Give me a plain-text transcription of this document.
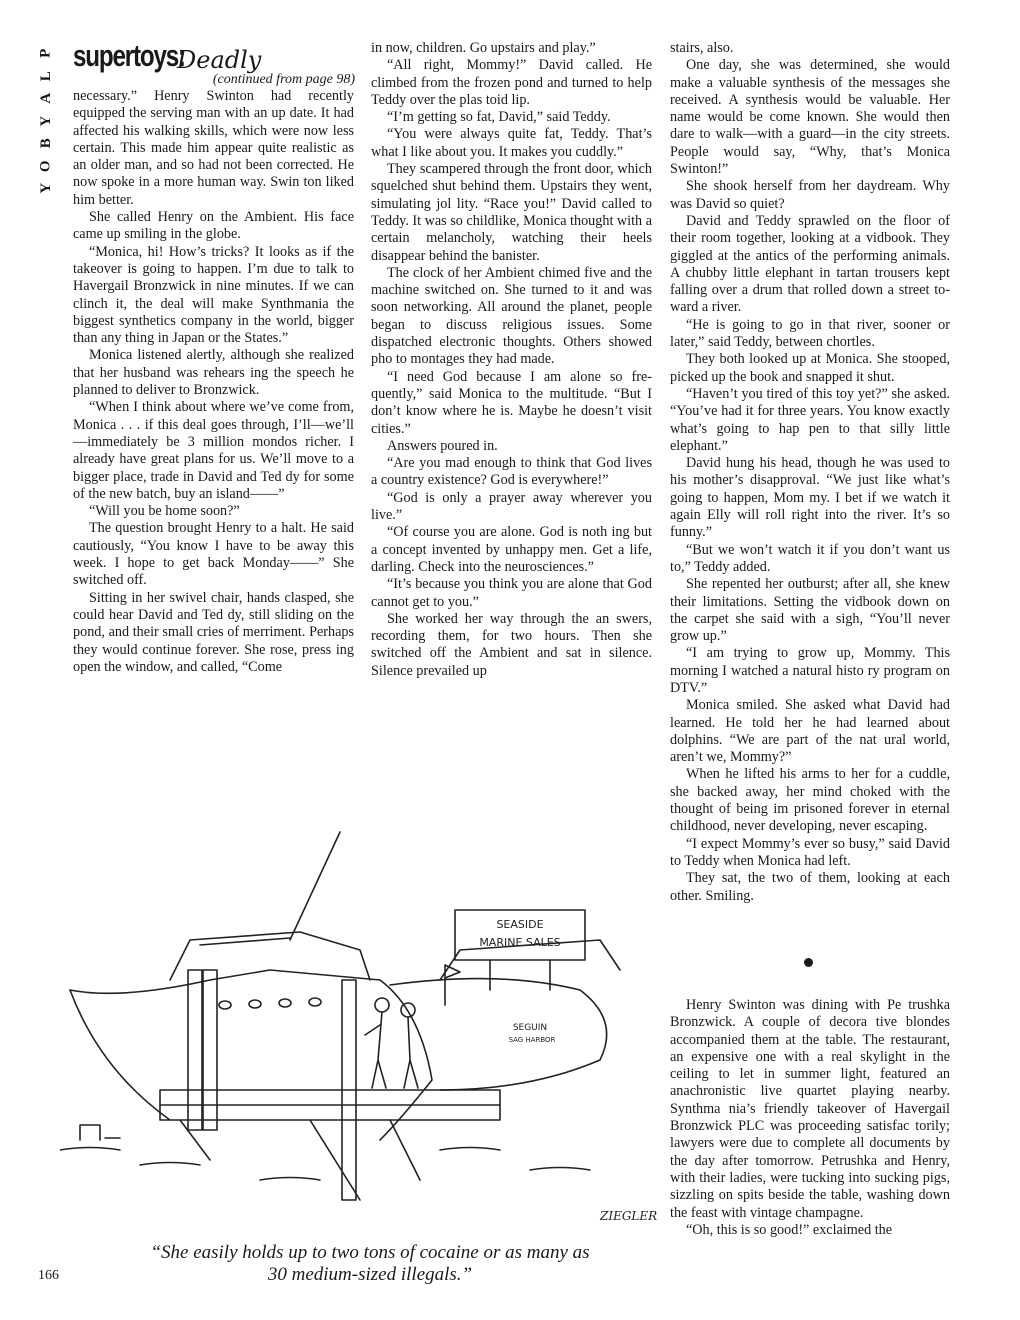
P
L
A
Y
B
O
Y
supertoys:
Deadly
(continued from page 98)

necessary.” Henry Swinton had recently equipped the serving man with an up date. It had affected his walking skills, which were now less certain. This made him appear quite realistic as an older man, and so had not been corrected. He now spoke in a more human way. Swin ton liked him better.

She called Henry on the Ambient. His face came up smiling in the globe.

“Monica, hi! How’s tricks? It looks as if the takeover is going to happen. I’m due to talk to Havergail Bronzwick in nine minutes. If we can clinch it, the deal will make Synthmania the biggest synthetics company in the world, bigger than any thing in Japan or the States.”

Monica listened alertly, although she realized that her husband was rehears ing the speech he planned to deliver to Bronzwick.

“When I think about where we’ve come from, Monica . . . if this deal goes through, I’ll—we’ll—immediately be 3 million mondos richer. I already have great plans for us. We’ll move to a bigger place, trade in David and Ted dy for some of the new batch, buy an island——”

“Will you be home soon?”

The question brought Henry to a halt. He said cautiously, “You know I have to be away this week. I hope to get back Monday——” She switched off.

Sitting in her swivel chair, hands clasped, she could hear David and Ted dy, still sliding on the pond, and their small cries of merriment. Perhaps they would continue forever. She rose, press ing open the window, and called, “Come

in now, children. Go upstairs and play.”

“All right, Mommy!” David called. He climbed from the frozen pond and turned to help Teddy over the plas toid lip.

“I’m getting so fat, David,” said Teddy.

“You were always quite fat, Teddy. That’s what I like about you. It makes you cuddly.”

They scampered through the front door, which squelched shut behind them. Upstairs they went, simulating jol lity. “Race you!” David called to Teddy. It was so childlike, Monica thought with a certain melancholy, watching their heels disappear behind the banister.

The clock of her Ambient chimed five and the machine switched on. She turned to it and was soon networking. All around the planet, people began to discuss religious issues. Some dispatched electronic thoughts. Others showed pho to montages they had made.

“I need God because I am alone so fre quently,” said Monica to the multitude. “But I don’t know where he is. Maybe he doesn’t visit cities.”

Answers poured in.

“Are you mad enough to think that God lives a country existence? God is everywhere!”

“God is only a prayer away wherever you live.”

“Of course you are alone. God is noth ing but a concept invented by unhappy men. Get a life, darling. Check into the neurosciences.”

“It’s because you think you are alone that God cannot get to you.”

She worked her way through the an swers, recording them, for two hours. Then she switched off the Ambient and sat in silence. Silence prevailed up

stairs, also.

One day, she was determined, she would make a valuable synthesis of the messages she received. A synthesis would be valuable. Her name would be come known. She would then dare to walk—with a guard—in the city streets. People would say, “Why, that’s Monica Swinton!”

She shook herself from her daydream. Why was David so quiet?

David and Teddy sprawled on the floor of their room together, looking at a vidbook. They giggled at the antics of the performing animals. A chubby little elephant in tartan trousers kept falling over a drum that rolled down a street to ward a river.

“He is going to go in that river, sooner or later,” said Teddy, between chortles.

They both looked up at Monica. She stooped, picked up the book and snapped it shut.

“Haven’t you tired of this toy yet?” she asked. “You’ve had it for three years. You know exactly what’s going to hap pen to that silly little elephant.”

David hung his head, though he was used to his mother’s disapproval. “We just like what’s going to happen, Mom my. I bet if we watch it again Elly will roll right into the river. It’s so funny.”

“But we won’t watch it if you don’t want us to,” Teddy added.

She repented her outburst; after all, she knew their limitations. Setting the vidbook down on the carpet she said with a sigh, “You’ll never grow up.”

“I am trying to grow up, Mommy. This morning I watched a natural histo ry program on DTV.”

Monica smiled. She asked what David had learned. He told her he had learned about dolphins. “We are part of the nat ural world, aren’t we, Mommy?”

When he lifted his arms to her for a cuddle, she backed away, her mind choked with the thought of being im prisoned forever in eternal childhood, never developing, never escaping.

“I expect Mommy’s ever so busy,” said David to Teddy when Monica had left.

They sat, the two of them, looking at each other. Smiling.

Henry Swinton was dining with Pe trushka Bronzwick. A couple of decora tive blondes accompanied them at the table. The restaurant, an expensive one with a real skylight in the ceiling to let in summer light, featured an anachronistic live quartet playing nearby. Synthma nia’s friendly takeover of Havergail Bronzwick PLC was proceeding satisfac torily; lawyers were due to complete all documents by the day after tomorrow. Petrushka and Henry, with their ladies, were tucking into sucking pigs, sizzling on spits beside the table, washing down the feast with vintage champagne.

“Oh, this is so good!” exclaimed the

SEASIDE
MARINE SALES
SEGUIN
SAG HARBOR
ZIEGLER
“She easily holds up to two tons of cocaine or as many as
30 medium-sized illegals.”
166
